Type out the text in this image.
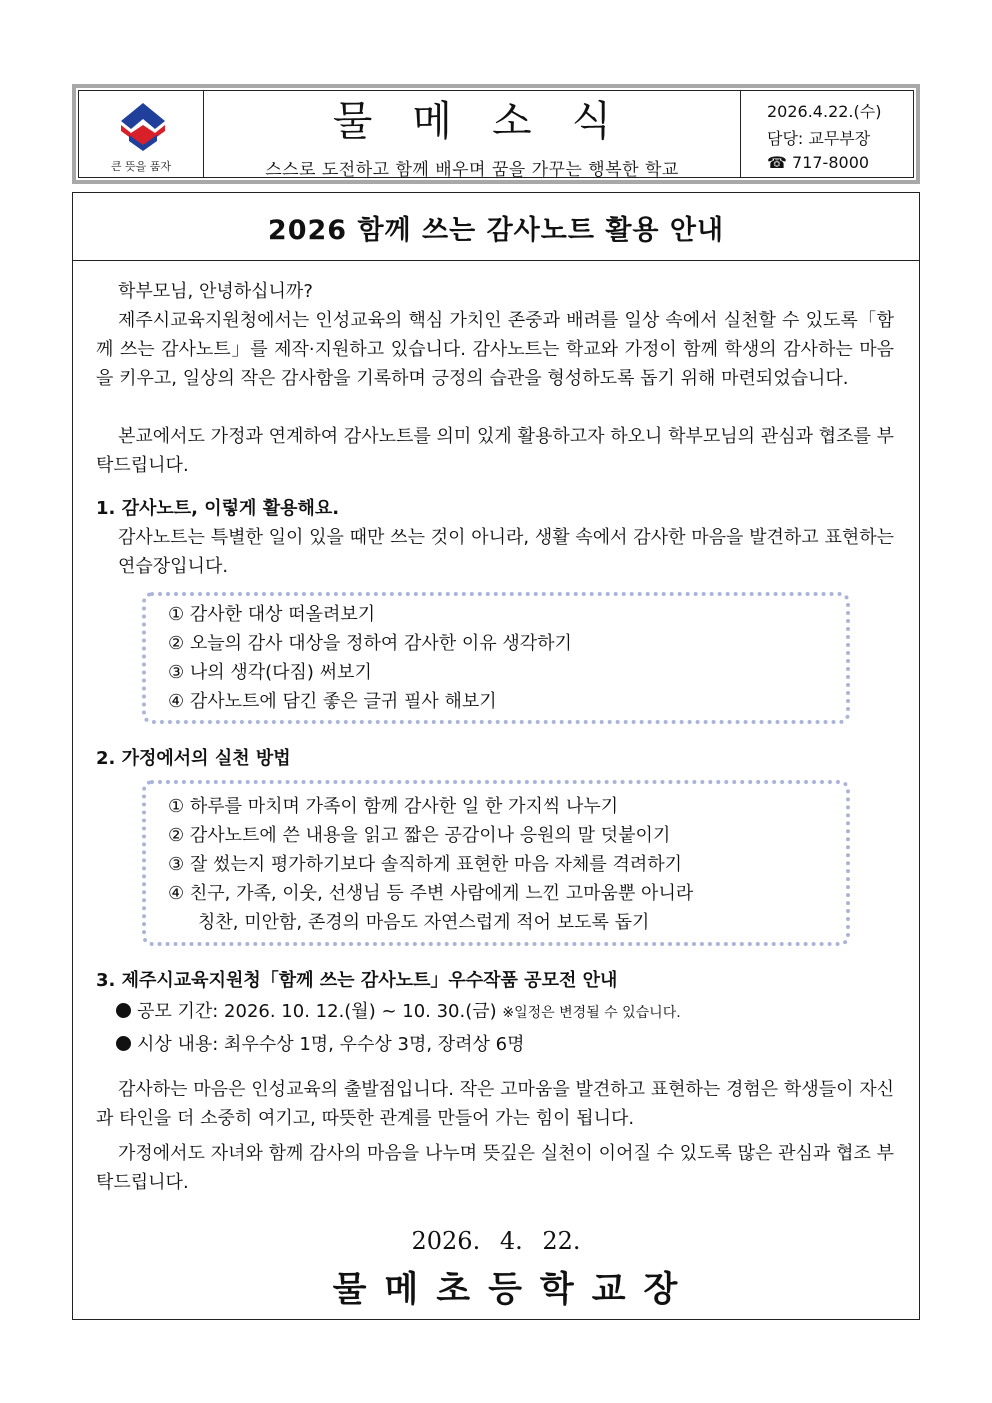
큰 뜻을 품자
물메소식
스스로 도전하고 함께 배우며 꿈을 가꾸는 행복한 학교
2026.4.22.(수)
담당: 교무부장
☎ 717-8000
2026 함께 쓰는 감사노트 활용 안내
학부모님, 안녕하십니까?
제주시교육지원청에서는 인성교육의 핵심 가치인 존중과 배려를 일상 속에서 실천할 수 있도록「함께 쓰는 감사노트」를 제작·지원하고 있습니다. 감사노트는 학교와 가정이 함께 학생의 감사하는 마음을 키우고, 일상의 작은 감사함을 기록하며 긍정의 습관을 형성하도록 돕기 위해 마련되었습니다.
본교에서도 가정과 연계하여 감사노트를 의미 있게 활용하고자 하오니 학부모님의 관심과 협조를 부탁드립니다.
1. 감사노트, 이렇게 활용해요.
감사노트는 특별한 일이 있을 때만 쓰는 것이 아니라, 생활 속에서 감사한 마음을 발견하고 표현하는 연습장입니다.
① 감사한 대상 떠올려보기
② 오늘의 감사 대상을 정하여 감사한 이유 생각하기
③ 나의 생각(다짐) 써보기
④ 감사노트에 담긴 좋은 글귀 필사 해보기
2. 가정에서의 실천 방법
① 하루를 마치며 가족이 함께 감사한 일 한 가지씩 나누기
② 감사노트에 쓴 내용을 읽고 짧은 공감이나 응원의 말 덧붙이기
③ 잘 썼는지 평가하기보다 솔직하게 표현한 마음 자체를 격려하기
④ 친구, 가족, 이웃, 선생님 등 주변 사람에게 느낀 고마움뿐 아니라
칭찬, 미안함, 존경의 마음도 자연스럽게 적어 보도록 돕기
3. 제주시교육지원청「함께 쓰는 감사노트」우수작품 공모전 안내
공모 기간: 2026. 10. 12.(월) ~ 10. 30.(금) ※일정은 변경될 수 있습니다.
시상 내용: 최우수상 1명, 우수상 3명, 장려상 6명
감사하는 마음은 인성교육의 출발점입니다. 작은 고마움을 발견하고 표현하는 경험은 학생들이 자신과 타인을 더 소중히 여기고, 따뜻한 관계를 만들어 가는 힘이 됩니다.
가정에서도 자녀와 함께 감사의 마음을 나누며 뜻깊은 실천이 이어질 수 있도록 많은 관심과 협조 부탁드립니다.
2026. 4. 22.
물메초등학교장
